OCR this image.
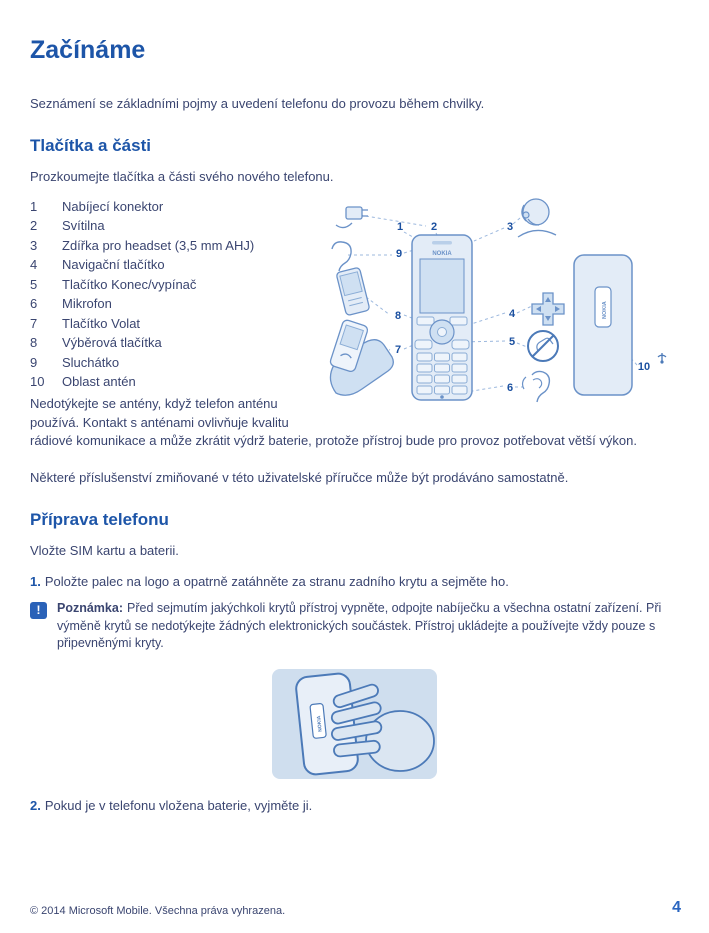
Začínáme

Seznámení se základními pojmy a uvedení telefonu do provozu během chvilky.

Tlačítka a části

Prozkoumejte tlačítka a části svého nového telefonu.

NOKIA
NOKIA
1	2	3
9
8	4
7
5
6
10
1	Nabíjecí konektor
2	Svítilna
3	Zdířka pro headset (3,5 mm AHJ)
4	Navigační tlačítko
5	Tlačítko Konec/vypínač
6	Mikrofon
7	Tlačítko Volat
8	Výběrová tlačítka
9	Sluchátko
10	Oblast antén

Nedotýkejte se antény, když telefon anténu používá. Kontakt s anténami ovlivňuje kvalitu rádiové komunikace a může zkrátit výdrž baterie, protože přístroj bude pro provoz potřebovat větší výkon.

Některé příslušenství zmiňované v této uživatelské příručce může být prodáváno samostatně.

Příprava telefonu

Vložte SIM kartu a baterii.

1. Položte palec na logo a opatrně zatáhněte za stranu zadního krytu a sejměte ho.

! Poznámka: Před sejmutím jakýchkoli krytů přístroj vypněte, odpojte nabíječku a všechna ostatní zařízení. Při výměně krytů se nedotýkejte žádných elektronických součástek. Přístroj ukládejte a používejte vždy pouze s připevněnými kryty.

NOKIA

2. Pokud je v telefonu vložena baterie, vyjměte ji.

© 2014 Microsoft Mobile. Všechna práva vyhrazena.	4
